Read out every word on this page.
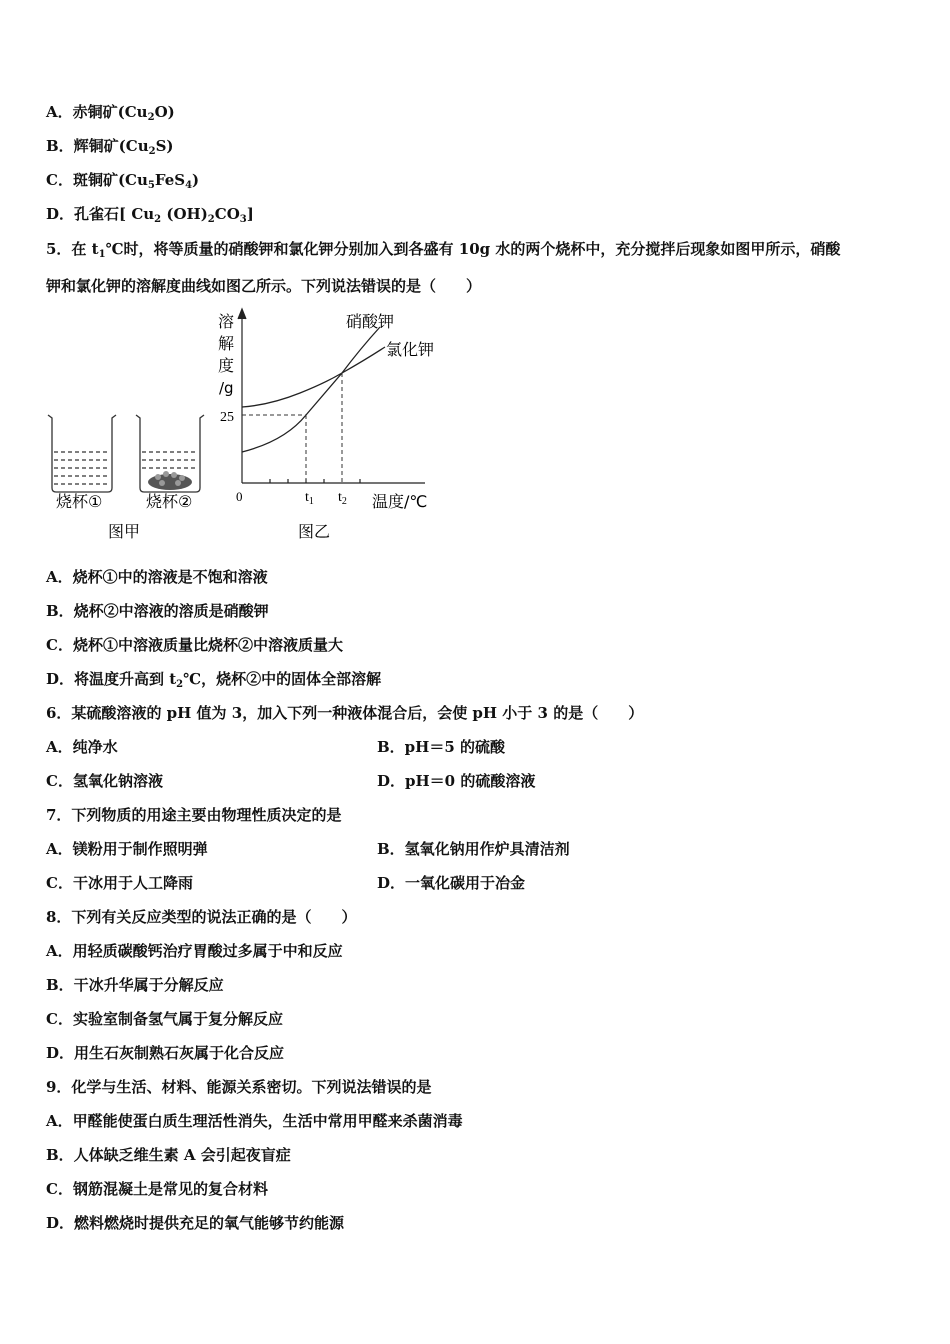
A．赤铜矿$(Cu_2O)$
B．辉铜矿$(Cu_2S)$
C．斑铜矿$(Cu_5FeS_4)$
D．孔雀石[ $Cu_2$ $(OH)_2CO_3$]
5．在 $t_1℃$时，将等质量的硝酸钾和氯化钾分别加入到各盛有 10g 水的两个烧杯中，充分搅拌后现象如图甲所示，硝酸
钾和氯化钾的溶解度曲线如图乙所示。下列说法错误的是（　　）
烧杯①	烧杯②
图甲
溶
解
度
/g
25
0	$t_1$ $t_2$ 温度/℃
硝酸钾
氯化钾
图乙
A．烧杯①中的溶液是不饱和溶液
B．烧杯②中溶液的溶质是硝酸钾
C．烧杯①中溶液质量比烧杯②中溶液质量大
D．将温度升高到 $t_2℃$，烧杯②中的固体全部溶解
6．某硫酸溶液的 pH 值为 3，加入下列一种液体混合后，会使 pH 小于 3 的是（　　）
A．纯净水	B．pH＝5 的硫酸
C．氢氧化钠溶液	D．pH＝0 的硫酸溶液
7．下列物质的用途主要由物理性质决定的是
A．镁粉用于制作照明弹	B．氢氧化钠用作炉具清洁剂
C．干冰用于人工降雨	D．一氧化碳用于冶金
8．下列有关反应类型的说法正确的是（　　）
A．用轻质碳酸钙治疗胃酸过多属于中和反应
B．干冰升华属于分解反应
C．实验室制备氢气属于复分解反应
D．用生石灰制熟石灰属于化合反应
9．化学与生活、材料、能源关系密切。下列说法错误的是
A．甲醛能使蛋白质生理活性消失，生活中常用甲醛来杀菌消毒
B．人体缺乏维生素 A 会引起夜盲症
C．钢筋混凝土是常见的复合材料
D．燃料燃烧时提供充足的氧气能够节约能源
